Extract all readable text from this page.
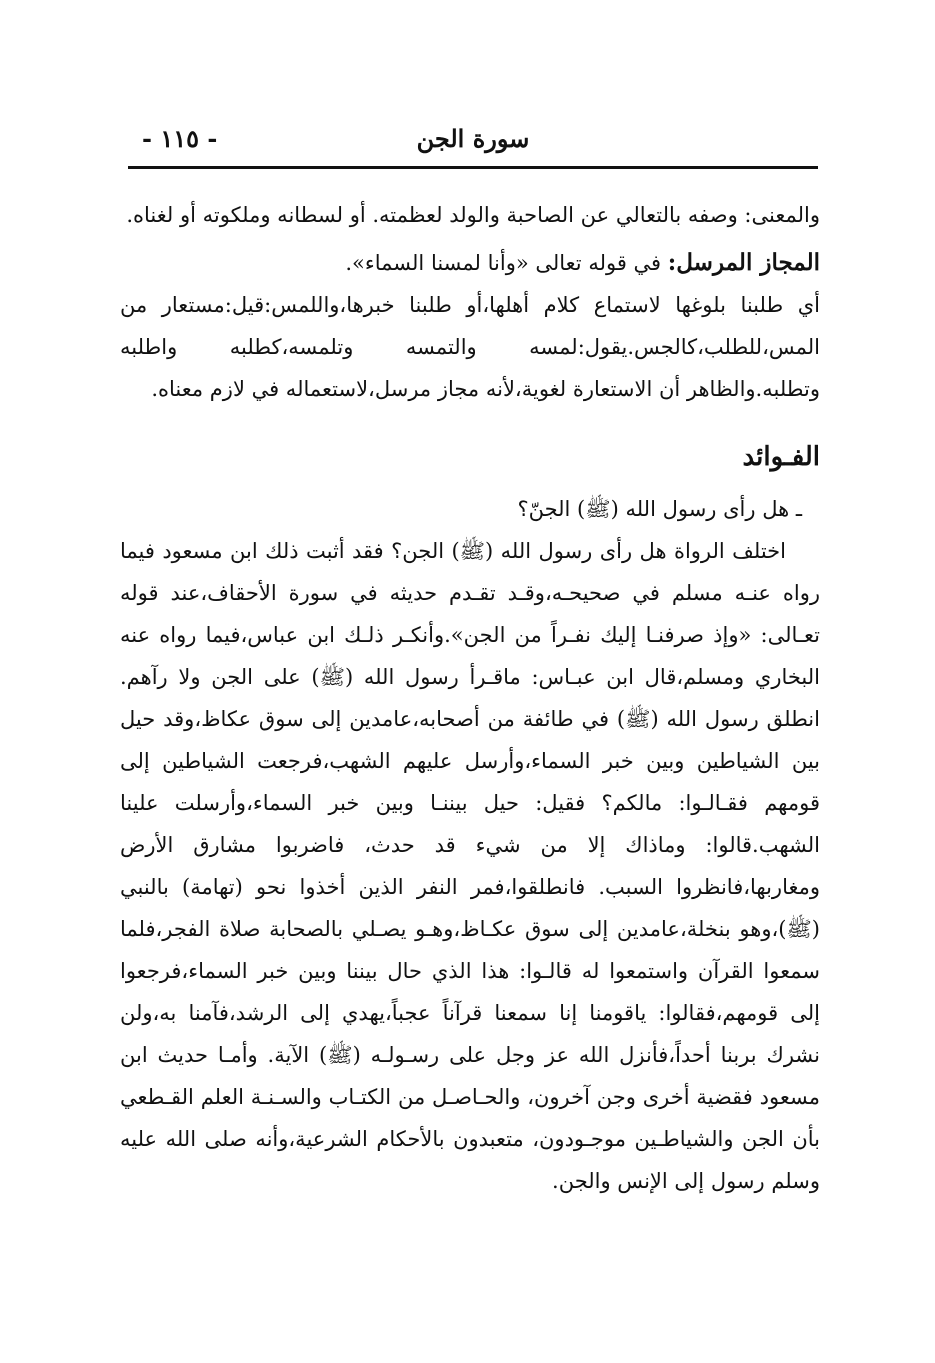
سورة الجن
- ١١٥ -

والمعنى: وصفه بالتعالي عن الصاحبة والولد لعظمته. أو لسطانه وملكوته أو لغناه.

المجاز المرسل: في قوله تعالى «وأنا لمسنا السماء».

أي طلبنا بلوغها لاستماع كلام أهلها،أو طلبنا خبرها،واللمس:قيل:مستعار من المس،للطلب،كالجس.يقول:لمسه والتمسه وتلمسه،كطلبه واطلبه وتطلبه.والظاهر أن الاستعارة لغوية،لأنه مجاز مرسل،لاستعماله في لازم معناه.

الفـوائد

ـ هل رأى رسول الله (ﷺ) الجنّ؟

اختلف الرواة هل رأى رسول الله (ﷺ) الجن؟ فقد أثبت ذلك ابن مسعود فيما رواه عنـه مسلم في صحيحـه،وقـد تقـدم حديثه في سورة الأحقاف،عند قوله تعـالى: «وإذ صرفنـا إليك نفـراً من الجن».وأنكـر ذلـك ابن عباس،فيما رواه عنه البخاري ومسلم،قال ابن عبـاس: ماقـرأ رسول الله (ﷺ) على الجن ولا رآهم. انطلق رسول الله (ﷺ) في طائفة من أصحابه،عامدين إلى سوق عكاظ،وقد حيل بين الشياطين وبين خبر السماء،وأرسل عليهم الشهب،فرجعت الشياطين إلى قومهم فقـالـوا: مالكم؟ فقيل: حيل بيننـا وبين خبر السماء،وأرسلت علينا الشهب.قالوا: وماذاك إلا من شيء قد حدث، فاضربوا مشارق الأرض ومغاربها،فانظروا السبب. فانطلقوا،فمر النفر الذين أخذوا نحو (تهامة) بالنبي (ﷺ)،وهو بنخلة،عامدين إلى سوق عكـاظ،وهـو يصـلي بالصحابة صلاة الفجر،فلما سمعوا القرآن واستمعوا له قالـوا: هذا الذي حال بيننا وبين خبر السماء،فرجعوا إلى قومهم،فقالوا: ياقومنا إنا سمعنا قرآناً عجباً،يهدي إلى الرشد،فآمنا به،ولن نشرك بربنا أحداً،فأنزل الله عز وجل على رسـولـه (ﷺ) الآية. وأمـا حديث ابن مسعود فقضية أخرى وجن آخرون، والحـاصـل من الكتـاب والسـنـة العلم القـطعي بأن الجن والشياطـين موجـودون، متعبدون بالأحكام الشرعية،وأنه صلى الله عليه وسلم رسول إلى الإنس والجن.
